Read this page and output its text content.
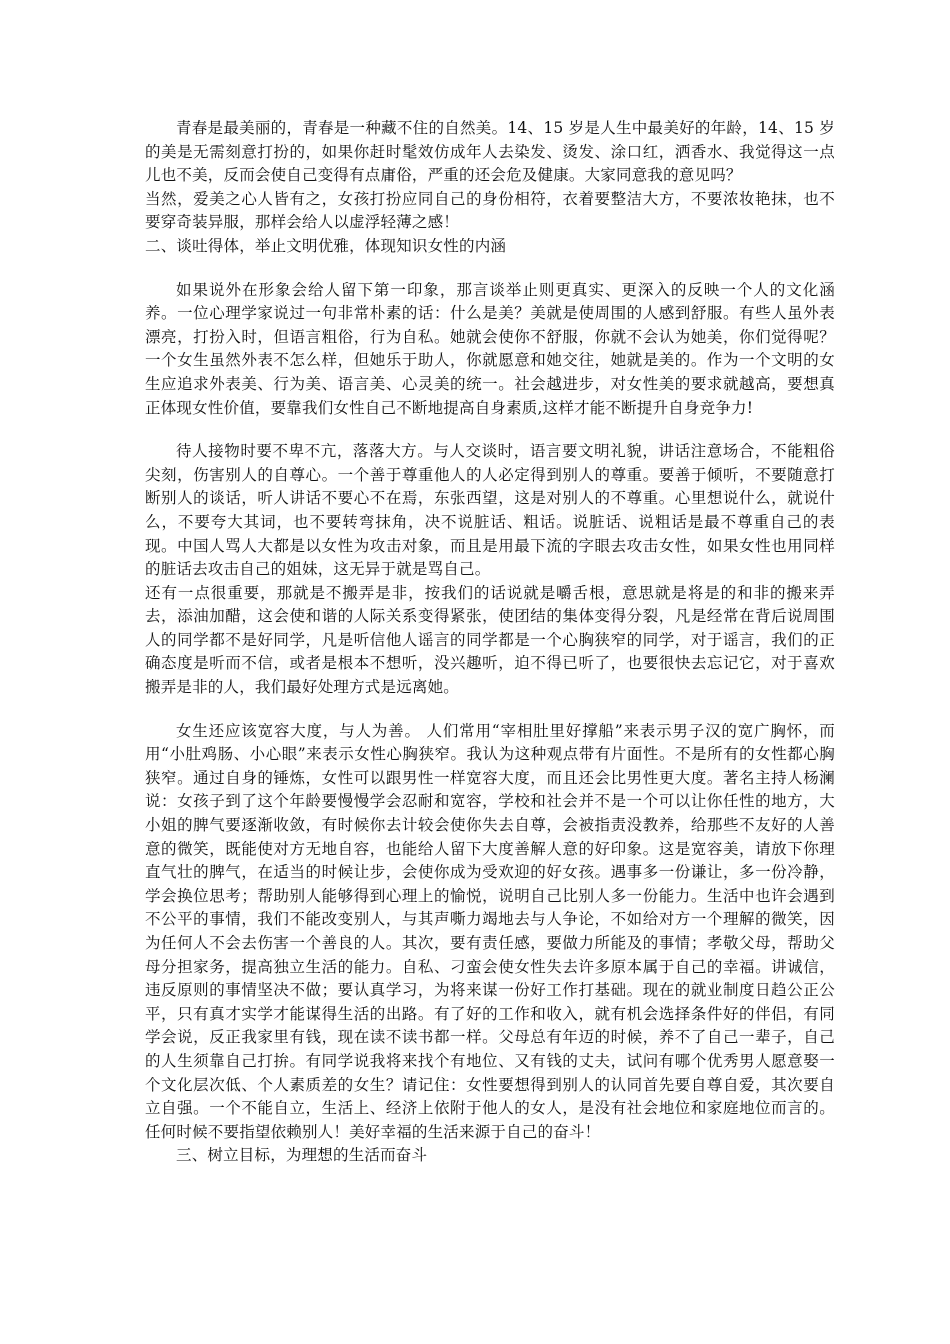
青春是最美丽的，青春是一种藏不住的自然美。14、15 岁是人生中最美好的年龄，14、15 岁的美是无需刻意打扮的，如果你赶时髦效仿成年人去染发、烫发、涂口红，洒香水、我觉得这一点儿也不美，反而会使自己变得有点庸俗，严重的还会危及健康。大家同意我的意见吗？

当然，爱美之心人皆有之，女孩打扮应同自己的身份相符，衣着要整洁大方，不要浓妆艳抹，也不要穿奇装异服，那样会给人以虚浮轻薄之感！

二、谈吐得体，举止文明优雅，体现知识女性的内涵

如果说外在形象会给人留下第一印象，那言谈举止则更真实、更深入的反映一个人的文化涵养。一位心理学家说过一句非常朴素的话：什么是美？美就是使周围的人感到舒服。有些人虽外表漂亮，打扮入时，但语言粗俗，行为自私。她就会使你不舒服，你就不会认为她美，你们觉得呢？一个女生虽然外表不怎么样，但她乐于助人，你就愿意和她交往，她就是美的。作为一个文明的女生应追求外表美、行为美、语言美、心灵美的统一。社会越进步，对女性美的要求就越高，要想真正体现女性价值，要靠我们女性自己不断地提高自身素质,这样才能不断提升自身竞争力!

待人接物时要不卑不亢，落落大方。与人交谈时，语言要文明礼貌，讲话注意场合，不能粗俗尖刻，伤害别人的自尊心。一个善于尊重他人的人必定得到别人的尊重。要善于倾听，不要随意打断别人的谈话，听人讲话不要心不在焉，东张西望，这是对别人的不尊重。心里想说什么，就说什么，不要夸大其词，也不要转弯抹角，决不说脏话、粗话。说脏话、说粗话是最不尊重自己的表现。中国人骂人大都是以女性为攻击对象，而且是用最下流的字眼去攻击女性，如果女性也用同样的脏话去攻击自己的姐妹，这无异于就是骂自己。

还有一点很重要，那就是不搬弄是非，按我们的话说就是嚼舌根，意思就是将是的和非的搬来弄去，添油加醋，这会使和谐的人际关系变得紧张，使团结的集体变得分裂，凡是经常在背后说周围人的同学都不是好同学，凡是听信他人谣言的同学都是一个心胸狭窄的同学，对于谣言，我们的正确态度是听而不信，或者是根本不想听，没兴趣听，迫不得已听了，也要很快去忘记它，对于喜欢搬弄是非的人，我们最好处理方式是远离她。

女生还应该宽容大度，与人为善。 人们常用“宰相肚里好撑船”来表示男子汉的宽广胸怀，而用“小肚鸡肠、小心眼”来表示女性心胸狭窄。我认为这种观点带有片面性。不是所有的女性都心胸狭窄。通过自身的锤炼，女性可以跟男性一样宽容大度，而且还会比男性更大度。著名主持人杨澜说：女孩子到了这个年龄要慢慢学会忍耐和宽容，学校和社会并不是一个可以让你任性的地方，大小姐的脾气要逐渐收敛，有时候你去计较会使你失去自尊，会被指责没教养，给那些不友好的人善意的微笑，既能使对方无地自容，也能给人留下大度善解人意的好印象。这是宽容美，请放下你理直气壮的脾气，在适当的时候让步，会使你成为受欢迎的好女孩。遇事多一份谦让，多一份冷静，学会换位思考；帮助别人能够得到心理上的愉悦，说明自己比别人多一份能力。生活中也许会遇到不公平的事情，我们不能改变别人，与其声嘶力竭地去与人争论，不如给对方一个理解的微笑，因为任何人不会去伤害一个善良的人。其次，要有责任感，要做力所能及的事情；孝敬父母，帮助父母分担家务，提高独立生活的能力。自私、刁蛮会使女性失去许多原本属于自己的幸福。讲诚信，违反原则的事情坚决不做；要认真学习，为将来谋一份好工作打基础。现在的就业制度日趋公正公平，只有真才实学才能谋得生活的出路。有了好的工作和收入，就有机会选择条件好的伴侣，有同学会说，反正我家里有钱，现在读不读书都一样。父母总有年迈的时候，养不了自己一辈子，自己的人生须靠自己打拚。有同学说我将来找个有地位、又有钱的丈夫，试问有哪个优秀男人愿意娶一个文化层次低、个人素质差的女生？请记住：女性要想得到别人的认同首先要自尊自爱，其次要自立自强。一个不能自立，生活上、经济上依附于他人的女人，是没有社会地位和家庭地位而言的。任何时候不要指望依赖别人！美好幸福的生活来源于自己的奋斗！

三、树立目标，为理想的生活而奋斗
